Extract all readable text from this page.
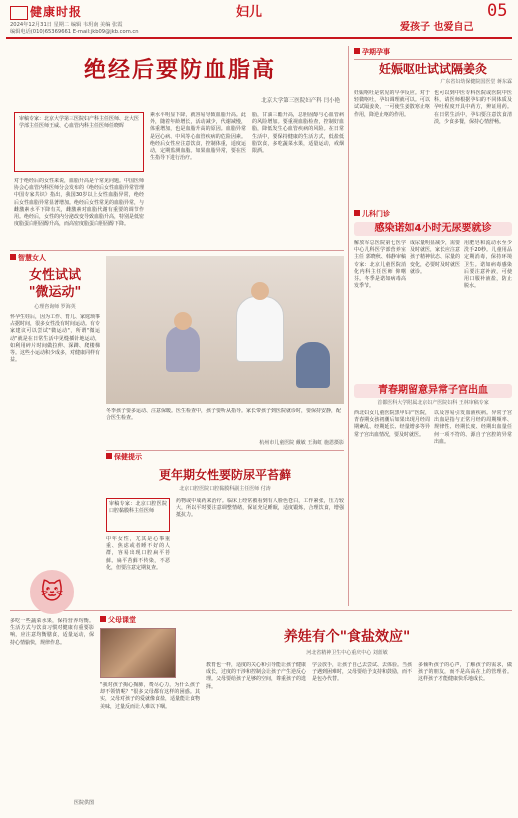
健康时报	妇儿	05
2024年12月31日 星期二 编辑 韦玥南 美编 张霞
编辑电话(010)65369661 E-mail:jkb09@jkb.com.cn	爱孩子 也爱自己
绝经后要防血脂高
北京大学第三医院妇产科 闫小艳
审稿专家：北京大学第三医院妇产科主任医师、北大医学部主任医师王威、心血管内科主任医师任晓晖
对于绝经后的女性来说，血脂升高是个常见问题。中国医师协会心血管内科医师分会发布的《绝经后女性血脂异常管理中国专家共识》指出，我国30岁以上女性血脂异常，绝经后女性血脂异常显著增加。绝经后女性常见的血脂异常，与雌激素水平下降有关，雌激素对血脂代谢有重要的调节作用。绝经后，女性的内分泌改变导致血脂升高，特别是低密度脂蛋白胆固醇升高，而高密度脂蛋白胆固醇下降。
素水平明显下降，就容易导致血脂升高。此外，随着年龄增长，活动减少，代谢减慢，体重增加，也是血脂升高的原因。血脂异常是冠心病、中风等心血管疾病的危险因素。绝经后女性应注意饮食，控制体重，适度运动，定期监测血脂。如果血脂异常，要在医生指导下进行治疗。
脂，甘油三酯升高，总胆固醇与心血管病的风险增加。要重视血脂检查，控制好血脂，降低发生心血管疾病的风险。在日常生活中，要保持健康的生活方式，低盐低脂饮食，多吃蔬菜水果，适量运动，戒烟限酒。
孕期孕事
妊娠呕吐试试隔姜灸
广东省妇幼保健院国医堂 蒋东霖
妊娠呕吐是常见的早孕反应。对于轻微呕吐，孕妇调理就可以。可以试试隔姜灸，一可使生姜散寒止呕作用，降逆止呕的作用。
也可以到中医专科医院或医院中医科，请医师根据孕妇的不同体质及孕吐程度开具中药方，辨证用药。在日常生活中，孕妇要注意饮食清淡，少食多餐，保持心情舒畅。
智慧女人
女性试试
"微运动"
心理咨询师 罗海英
怀孕生娃后，因为工作、育儿、家庭琐事占据时间，很多女性没有时间运动。有专家建议可以尝试"微运动"，所谓"微运动"就是在日常生活中见缝插针地运动，如利用碎片时间做拉伸、深蹲、爬楼梯等。这些小运动积少成多，对健康同样有益。
冬季孩子要多运动、注意保暖。医生检查中，孩子要听从指导。家长带孩子到医院就诊时，要保持安静，配合医生检查。
杭州市儿童医院 戴敏 王海虹 施恩摄影
保健提示
更年期女性要防尿平苔藓
北京口腔医院口腔黏膜科副主任医师 付涛
审稿专家：北京口腔医院口腔黏膜科主任医师
中年女性，尤其是心事重重、焦虑或者睡不好的人群，容易出现口腔扁平苔藓。扁平苔藓不传染，不恶化，但要注意定期复查。
药物或中成药来治疗。临床上经常被看到有人脸色苍白，工作紧张，压力较大，所以平时要注意调整情绪，保证充足睡眠，适度锻炼，合理饮食，增强抵抗力。
儿科门诊
感染诺如4小时无尿要就诊
解放军总医院第七医学中心儿科医学部营养室主任 郭晓秋、韩静审稿专家：北京儿童医院消化内科主任医师 仰曙芬。冬季是诺如病毒高发季节。
成尿量明显减少，需要及时就医，家长应注意孩子精神状态、尿量的变化，必要时及时就医就诊。
用肥皂和流动水至少洗手20秒。儿童用品定期消毒，保持环境卫生。诺如病毒感染后要注意补液，可使用口服补液盐，防止脱水。
青春期留意异常子宫出血
首都医科大学附属北京妇产医院妇科 王林审稿专家
西北妇女儿童医院黑甲妇产医院，青春期女孩初潮后如果出现月经周期紊乱、经期延长、经量增多等异常子宫出血情况，要及时就医。
以及容易引发血液疾病。异常子宫出血是指与正常月经的周期频率、规律性、经期长度、经期出血量任何一项不符的、源自子宫腔的异常出血。
🐱
多吃一些蔬菜水果，保持营养均衡。生活方式与饮食习惯对健康有重要影响，应注意均衡膳食，适量运动，保持心情愉快，规律作息。
医院供图
父母课堂
养娃有个"食盐效应"
河北省精神卫生中心重庆中心 刘蓝敏
"我对孩子掏心掏肺，费尽心力，为什么孩子却不领情呢？"很多父母都有这样的困惑。其实，父母对孩子的爱就像食盐，适量能让食物美味，过量反而让人难以下咽。
教育也一样，适度的关心和引导能让孩子健康成长，过度的干涉和控制会让孩子产生逆反心理。父母要给孩子足够的空间，尊重孩子的选择。
学会放手，让孩子自己去尝试、去体验。当孩子遇到困难时，父母要给予支持和鼓励，而不是包办代替。
多倾听孩子的心声，了解孩子的需求，做孩子的朋友，而不是高高在上的管理者。这样孩子才能健康快乐地成长。
